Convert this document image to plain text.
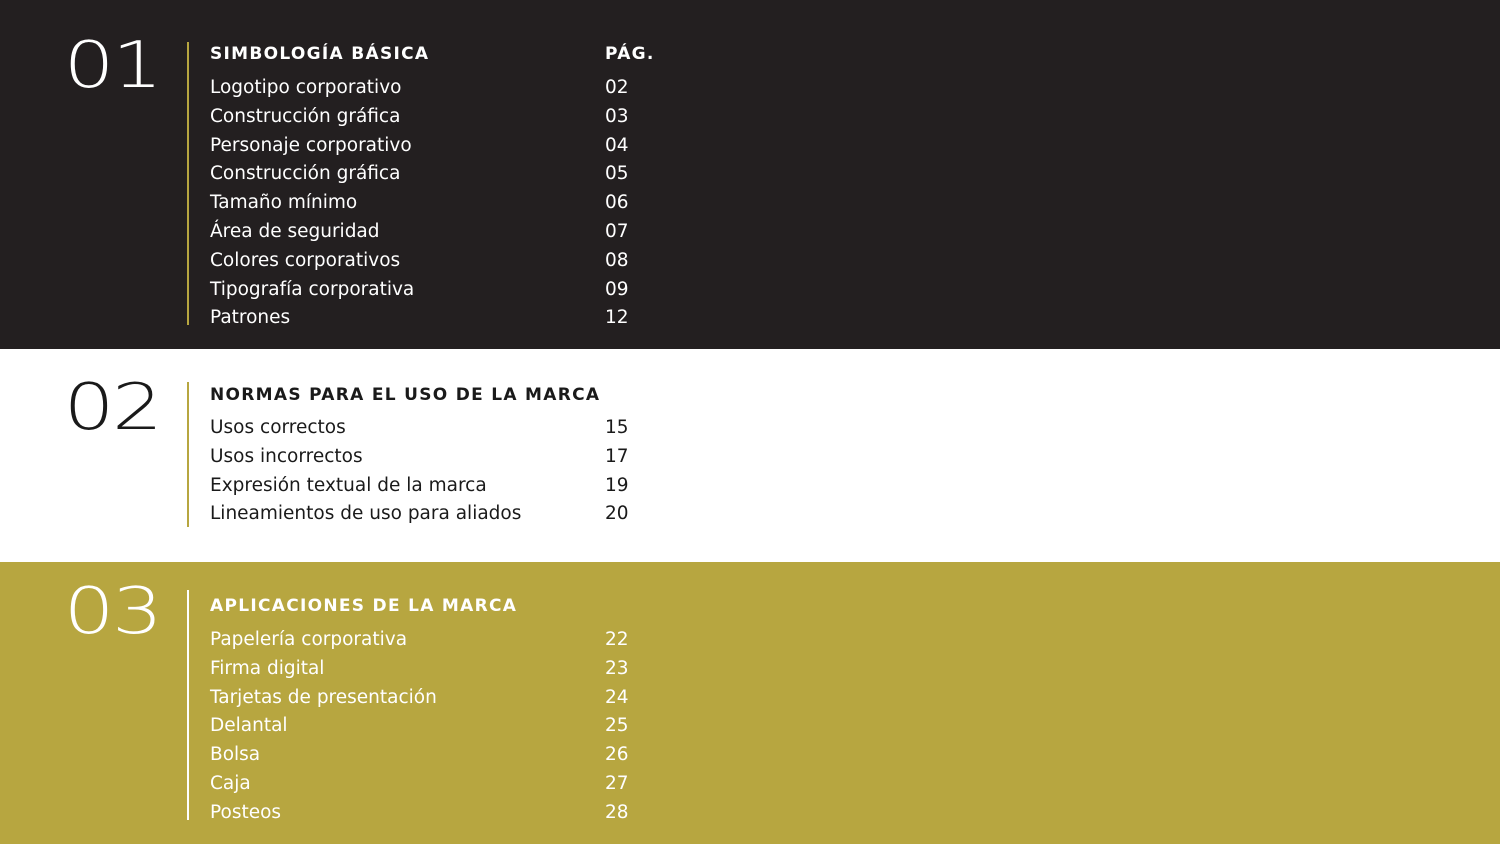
01	SIMBOLOGÍA BÁSICA	PÁG.
Logotipo corporativo	02
Construcción gráfica	03
Personaje corporativo	04
Construcción gráfica	05
Tamaño mínimo	06
Área de seguridad	07
Colores corporativos	08
Tipografía corporativa	09
Patrones	12
02	NORMAS PARA EL USO DE LA MARCA
Usos correctos	15
Usos incorrectos	17
Expresión textual de la marca	19
Lineamientos de uso para aliados	20
03	APLICACIONES DE LA MARCA
Papelería corporativa	22
Firma digital	23
Tarjetas de presentación	24
Delantal	25
Bolsa	26
Caja	27
Posteos	28
